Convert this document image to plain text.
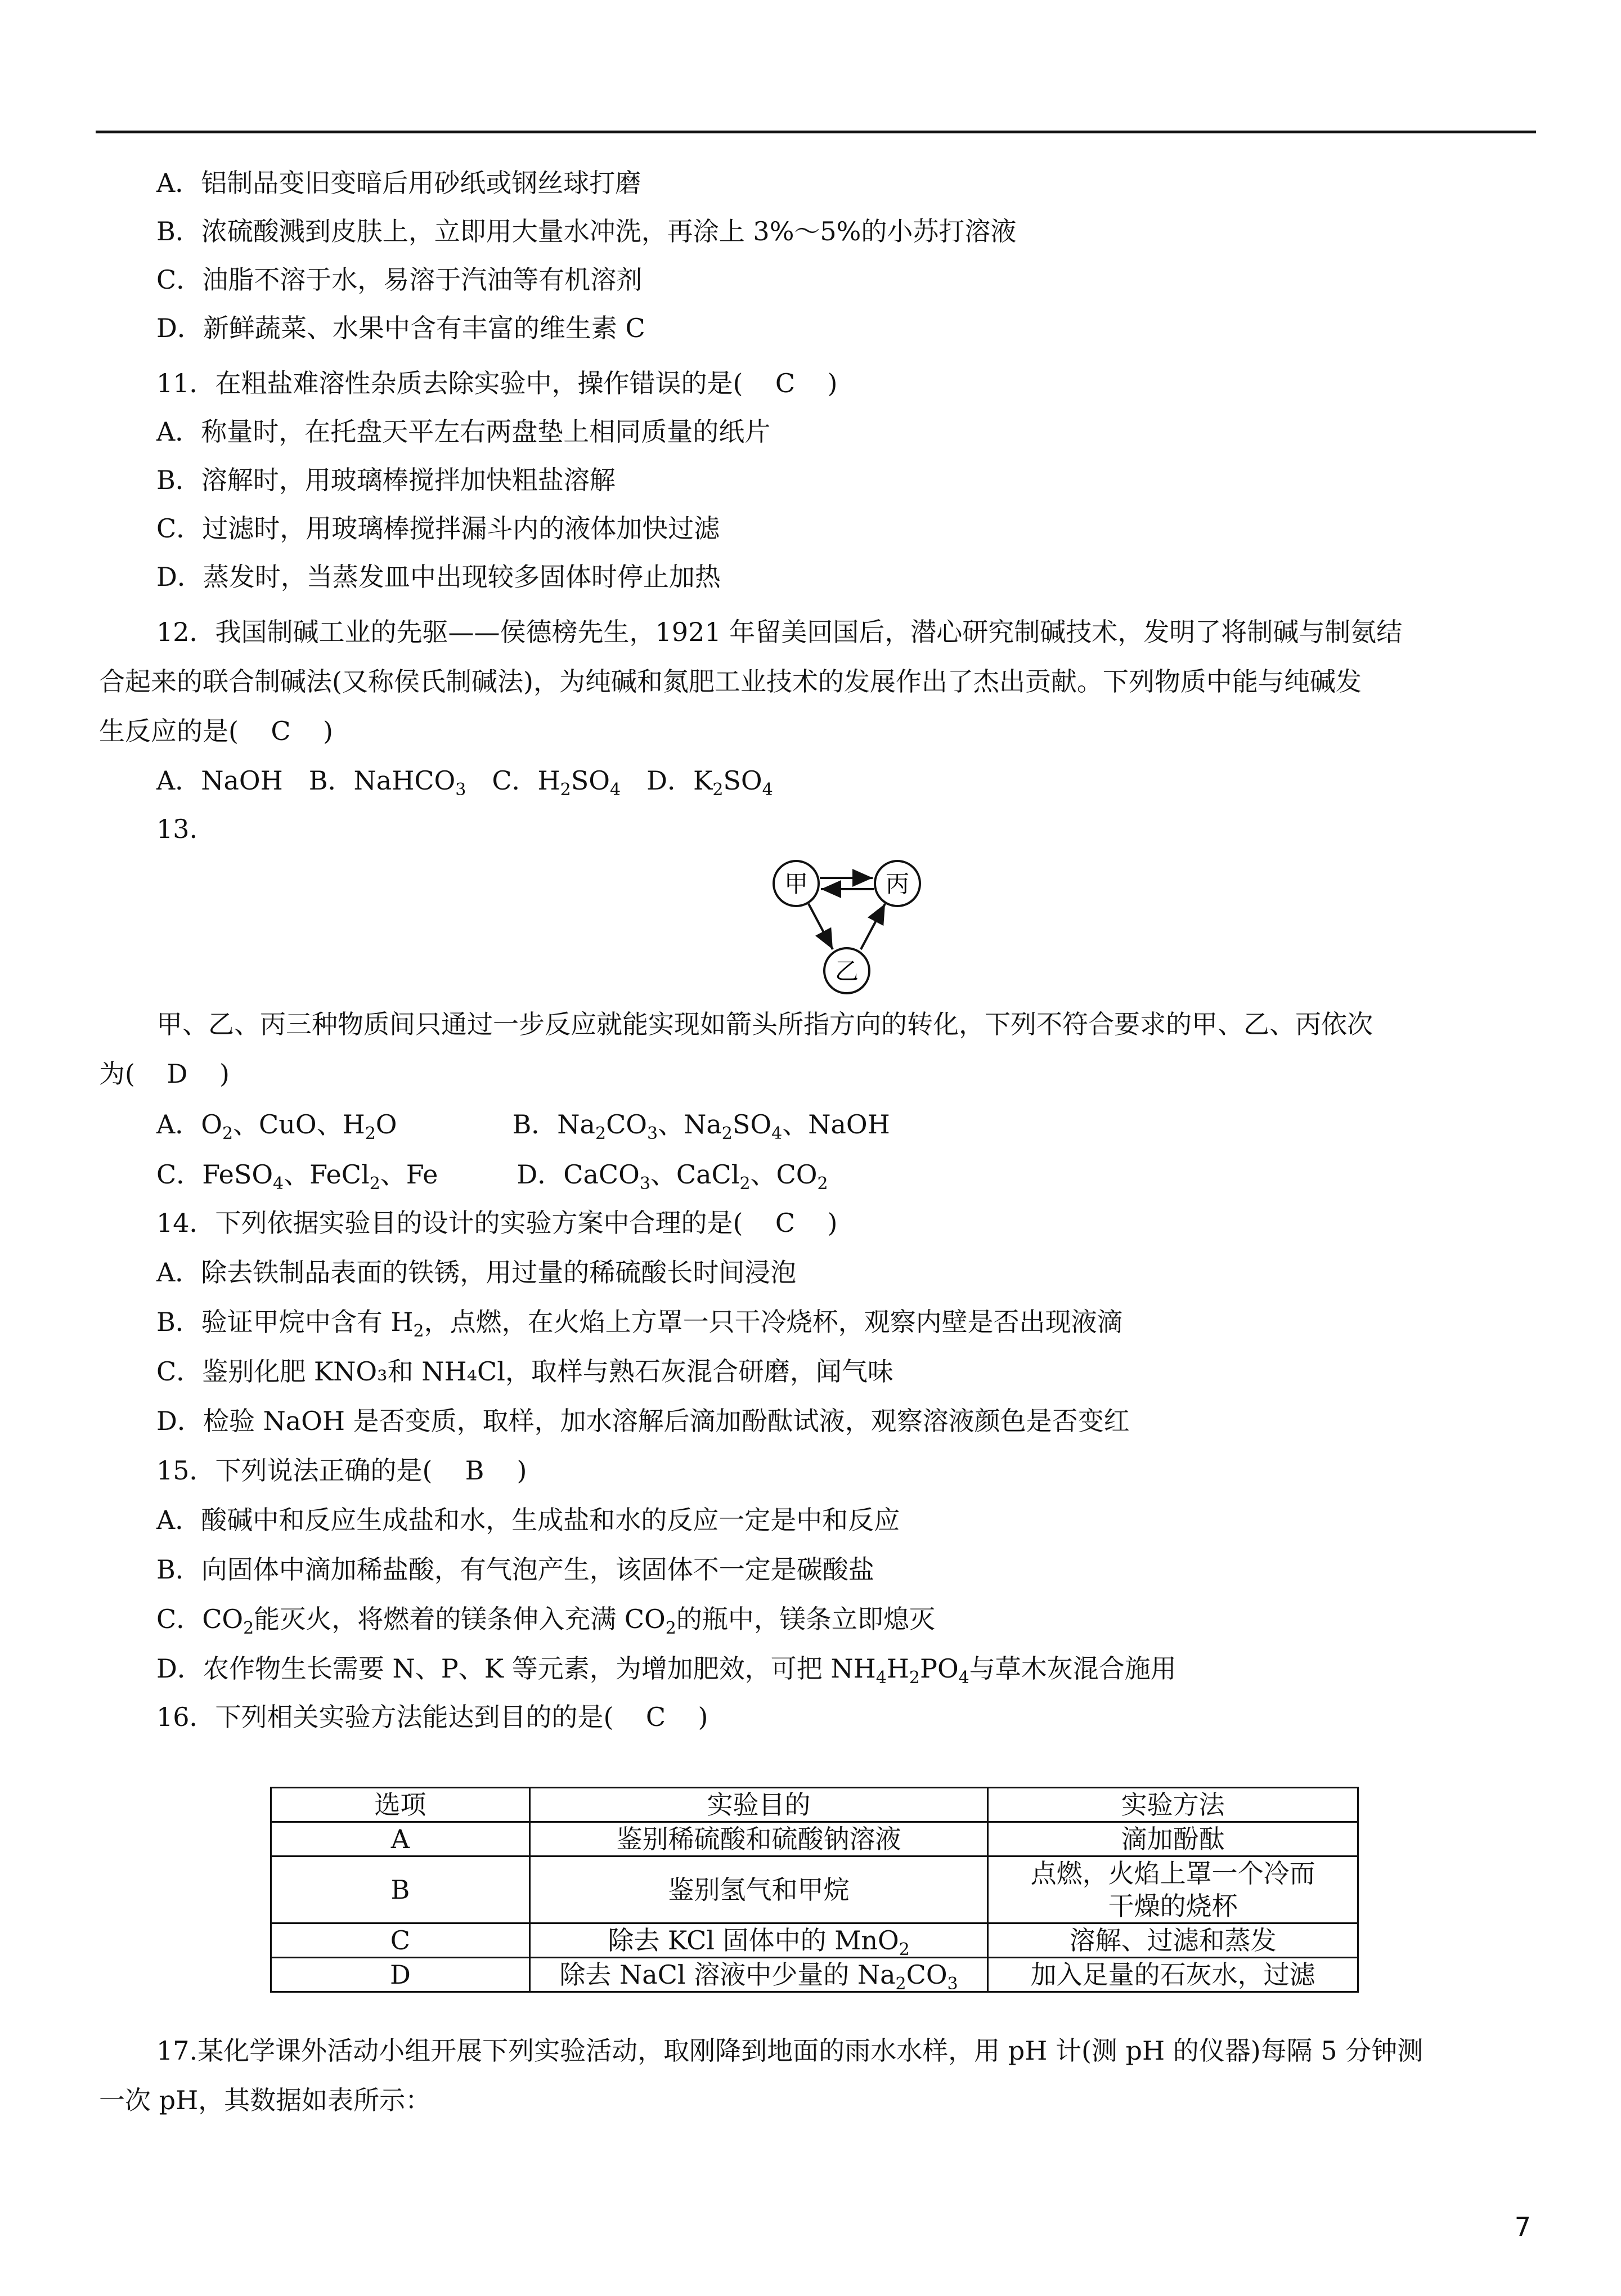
A．铝制品变旧变暗后用砂纸或钢丝球打磨
B．浓硫酸溅到皮肤上，立即用大量水冲洗，再涂上 3%～5%的小苏打溶液
C．油脂不溶于水，易溶于汽油等有机溶剂
D．新鲜蔬菜、水果中含有丰富的维生素 C
11．在粗盐难溶性杂质去除实验中，操作错误的是( C )
A．称量时，在托盘天平左右两盘垫上相同质量的纸片
B．溶解时，用玻璃棒搅拌加快粗盐溶解
C．过滤时，用玻璃棒搅拌漏斗内的液体加快过滤
D．蒸发时，当蒸发皿中出现较多固体时停止加热
12．我国制碱工业的先驱——侯德榜先生，1921 年留美回国后，潜心研究制碱技术，发明了将制碱与制氨结
合起来的联合制碱法(又称侯氏制碱法)，为纯碱和氮肥工业技术的发展作出了杰出贡献。下列物质中能与纯碱发
生反应的是( C )
A．NaOH　B．NaHCO$_3$　C．$H_2SO_4$　D．$K_2SO_4$
13.
甲	丙
乙
甲、乙、丙三种物质间只通过一步反应就能实现如箭头所指方向的转化，下列不符合要求的甲、乙、丙依次
为( D )
A．$O_2$、CuO、$H_2O$	B．$Na_2CO_3$、$Na_2SO_4$、NaOH
C．FeSO$_4$、FeCl$_2$、Fe	D．CaCO$_3$、CaCl$_2$、$CO_2$
14．下列依据实验目的设计的实验方案中合理的是( C )
A．除去铁制品表面的铁锈，用过量的稀硫酸长时间浸泡
B．验证甲烷中含有 $H_2$，点燃，在火焰上方罩一只干冷烧杯，观察内壁是否出现液滴
C．鉴别化肥 KNO₃和 NH₄Cl，取样与熟石灰混合研磨，闻气味
D．检验 NaOH 是否变质，取样，加水溶解后滴加酚酞试液，观察溶液颜色是否变红
15．下列说法正确的是( B )
A．酸碱中和反应生成盐和水，生成盐和水的反应一定是中和反应
B．向固体中滴加稀盐酸，有气泡产生，该固体不一定是碳酸盐
C．$CO_2$能灭火，将燃着的镁条伸入充满 $CO_2$的瓶中，镁条立即熄灭
D．农作物生长需要 N、P、K 等元素，为增加肥效，可把 $NH_4H_2PO_4$与草木灰混合施用
16．下列相关实验方法能达到目的的是( C )
选项	实验目的	实验方法
A	鉴别稀硫酸和硫酸钠溶液	滴加酚酞
B	鉴别氢气和甲烷	点燃，火焰上罩一个冷而
干燥的烧杯

C	除去 KCl 固体中的 MnO$_2$	溶解、过滤和蒸发
D	除去 NaCl 溶液中少量的 $Na_2CO_3$	加入足量的石灰水，过滤
17.某化学课外活动小组开展下列实验活动，取刚降到地面的雨水水样，用 pH 计(测 pH 的仪器)每隔 5 分钟测
一次 pH，其数据如表所示：
7
